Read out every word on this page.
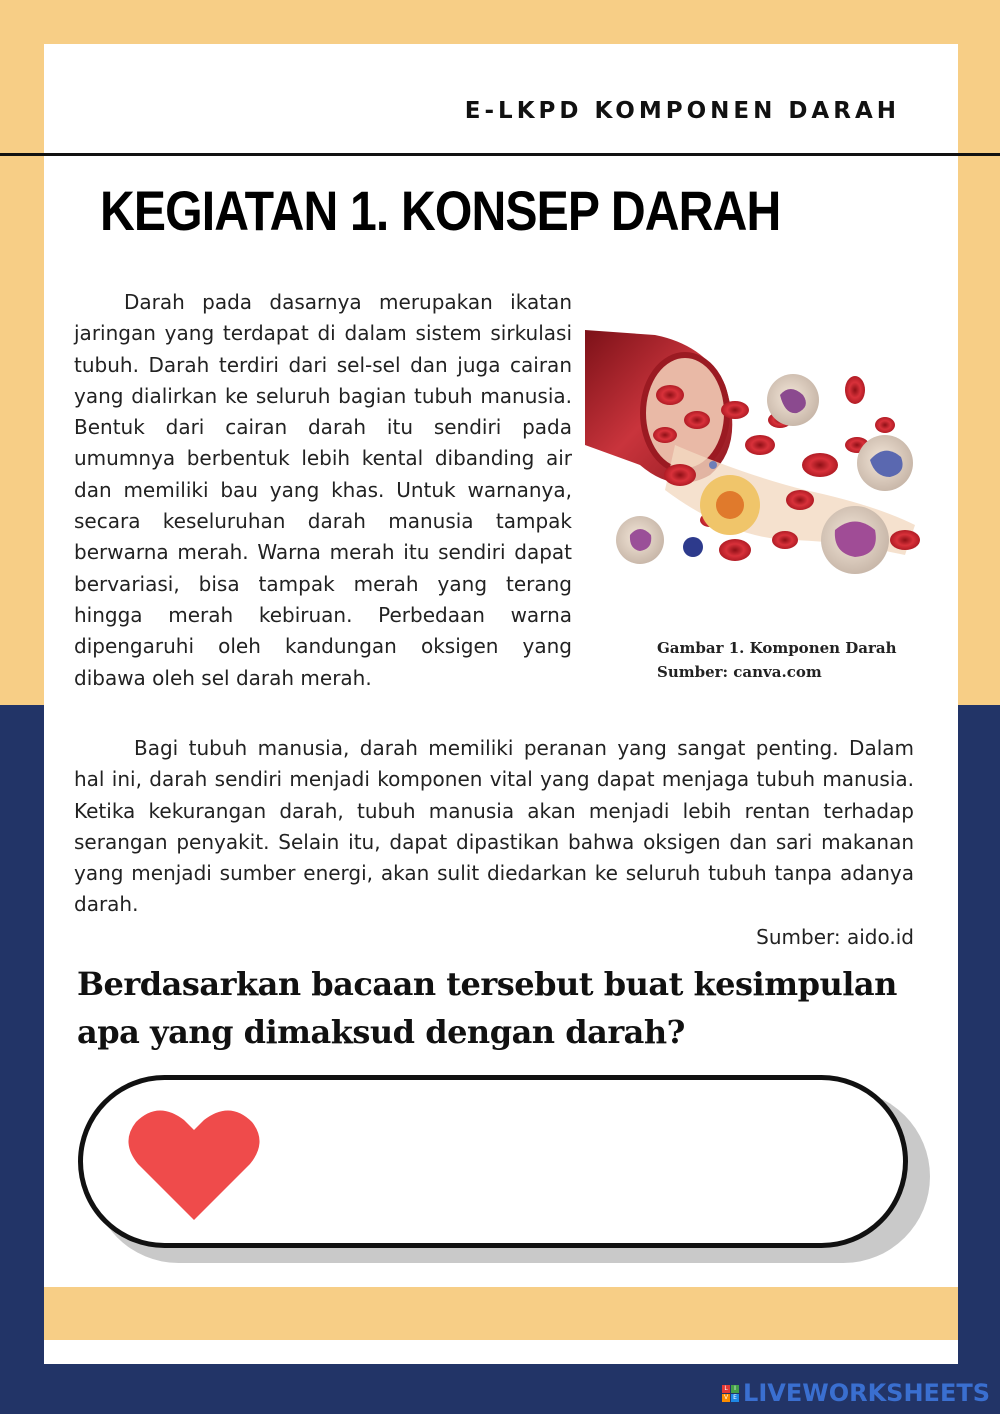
E-LKPD KOMPONEN DARAH
KEGIATAN 1. KONSEP DARAH

Darah pada dasarnya merupakan ikatan jaringan yang terdapat di dalam sistem sirkulasi tubuh. Darah terdiri dari sel-sel dan juga cairan yang dialirkan ke seluruh bagian tubuh manusia. Bentuk dari cairan darah itu sendiri pada umumnya berbentuk lebih kental dibanding air dan memiliki bau yang khas. Untuk warnanya, secara keseluruhan darah manusia tampak berwarna merah. Warna merah itu sendiri dapat bervariasi, bisa tampak merah yang terang hingga merah kebiruan. Perbedaan warna dipengaruhi oleh kandungan oksigen yang dibawa oleh sel darah merah.

Gambar 1. Komponen Darah
Sumber: canva.com

Bagi tubuh manusia, darah memiliki peranan yang sangat penting. Dalam hal ini, darah sendiri menjadi komponen vital yang dapat menjaga tubuh manusia. Ketika kekurangan darah, tubuh manusia akan menjadi lebih rentan terhadap serangan penyakit. Selain itu, dapat dipastikan bahwa oksigen dan sari makanan yang menjadi sumber energi, akan sulit diedarkan ke seluruh tubuh tanpa adanya darah.

Sumber: aido.id

Berdasarkan bacaan tersebut buat kesimpulan apa yang dimaksud dengan darah?

L	I
V E LIVEWORKSHEETS
